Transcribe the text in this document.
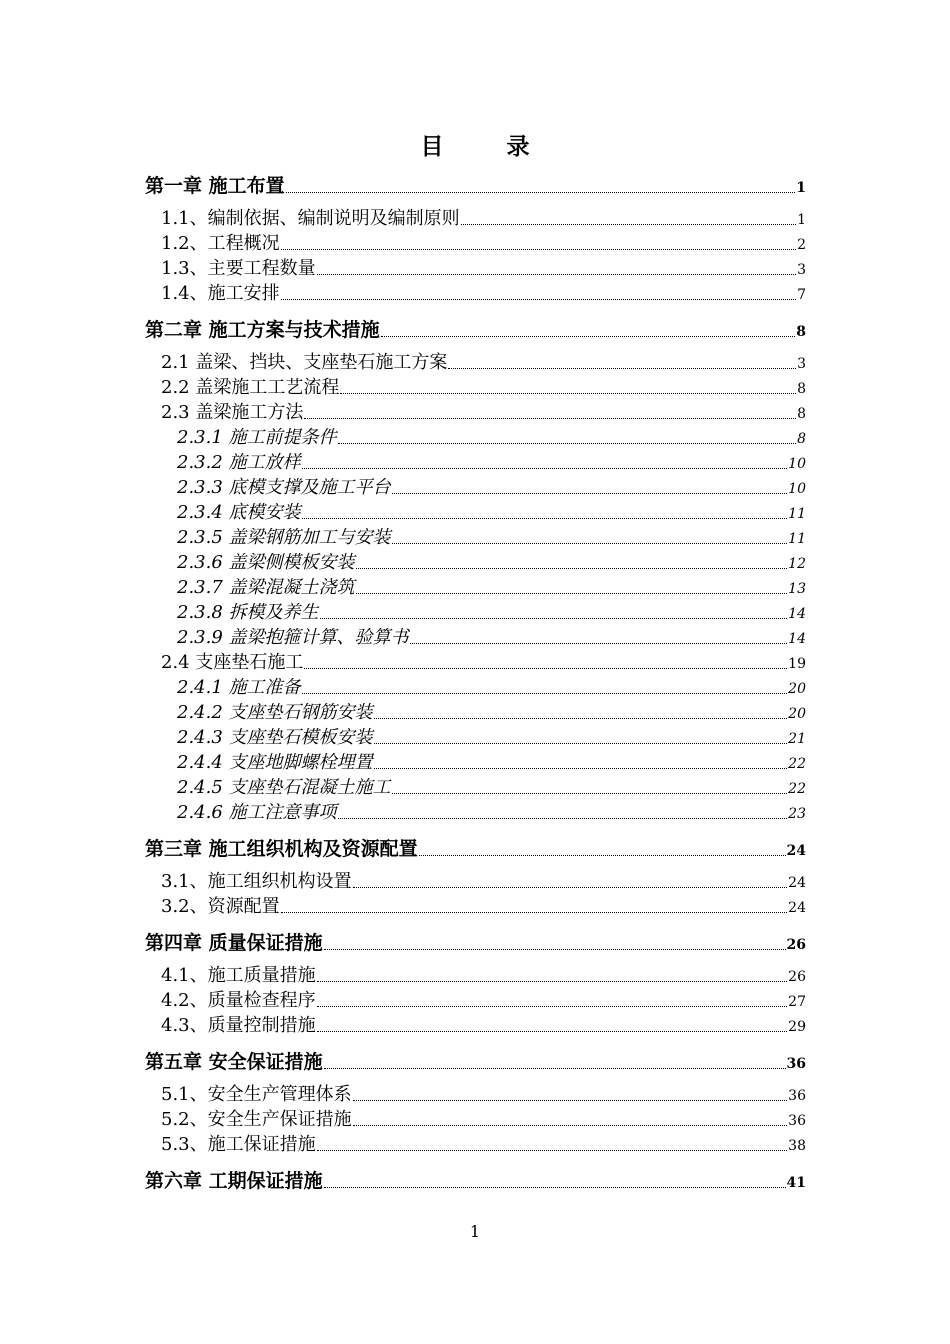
目　录
第一章 施工布置	1
1.1、编制依据、编制说明及编制原则	1
1.2、工程概况	2
1.3、主要工程数量	3
1.4、施工安排	7
第二章 施工方案与技术措施	8
2.1 盖梁、挡块、支座垫石施工方案	3
2.2 盖梁施工工艺流程	8
2.3 盖梁施工方法	8
2.3.1 施工前提条件	8
2.3.2 施工放样	10
2.3.3 底模支撑及施工平台	10
2.3.4 底模安装	11
2.3.5 盖梁钢筋加工与安装	11
2.3.6 盖梁侧模板安装	12
2.3.7 盖梁混凝土浇筑	13
2.3.8 拆模及养生	14
2.3.9 盖梁抱箍计算、验算书	14
2.4 支座垫石施工	19
2.4.1 施工准备	20
2.4.2 支座垫石钢筋安装	20
2.4.3 支座垫石模板安装	21
2.4.4 支座地脚螺栓埋置	22
2.4.5 支座垫石混凝土施工	22
2.4.6 施工注意事项	23
第三章 施工组织机构及资源配置	24
3.1、施工组织机构设置	24
3.2、资源配置	24
第四章 质量保证措施	26
4.1、施工质量措施	26
4.2、质量检查程序	27
4.3、质量控制措施	29
第五章 安全保证措施	36
5.1、安全生产管理体系	36
5.2、安全生产保证措施	36
5.3、施工保证措施	38
第六章 工期保证措施	41
1
